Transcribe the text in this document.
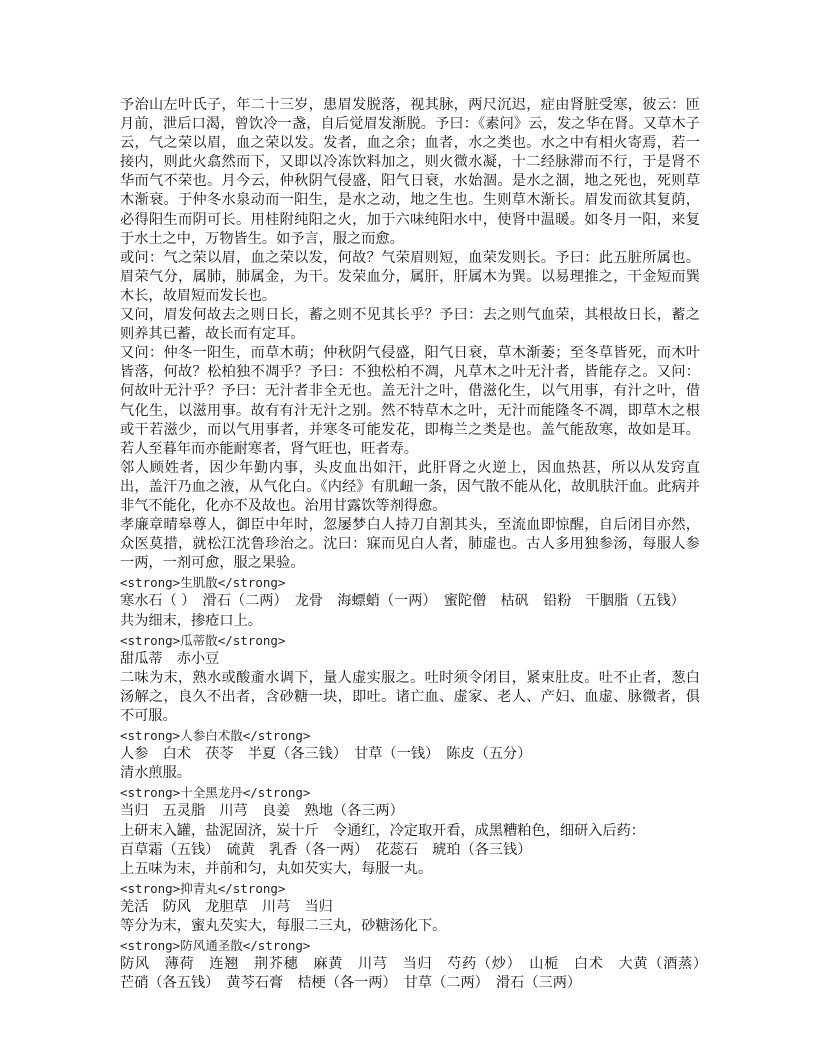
予治山左叶氏子，年二十三岁，患眉发脱落，视其脉，两尺沉迟，症由肾脏受寒，彼云：匝月前，泄后口渴，曾饮冷一盏，自后觉眉发渐脱。予曰：《素问》云，发之华在肾。又草木子云，气之荣以眉，血之荣以发。发者，血之余；血者，水之类也。水之中有相火寄焉，若一接内，则此火翕然而下，又即以冷冻饮料加之，则火微水凝，十二经脉滞而不行，于是肾不华而气不荣也。月今云，仲秋阴气侵盛，阳气日衰，水始涸。是水之涸，地之死也，死则草木渐衰。于仲冬水泉动而一阳生，是水之动，地之生也。生则草木渐长。眉发而欲其复荫，必得阳生而阴可长。用桂附纯阳之火，加于六味纯阳水中，使肾中温暖。如冬月一阳，来复于水土之中，万物皆生。如予言，服之而愈。

或问：气之荣以眉，血之荣以发，何故？气荣眉则短，血荣发则长。予曰：此五脏所属也。眉荣气分，属肺，肺属金，为干。发荣血分，属肝，肝属木为巽。以易理推之，干金短而巽木长，故眉短而发长也。

又问，眉发何故去之则日长，蓄之则不见其长乎？予曰：去之则气血荣，其根故日长，蓄之则养其已蓄，故长而有定耳。

又问：仲冬一阳生，而草木萌；仲秋阴气侵盛，阳气日衰，草木渐萎；至冬草皆死，而木叶皆落，何故？松柏独不凋乎？予曰：不独松柏不凋，凡草木之叶无汁者，皆能存之。又问：何故叶无汁乎？予曰：无汁者非全无也。盖无汁之叶，借滋化生，以气用事，有汁之叶，借气化生，以滋用事。故有有汁无汁之别。然不特草木之叶，无汁而能隆冬不凋，即草木之根或干若滋少，而以气用事者，并寒冬可能发花，即梅兰之类是也。盖气能敌寒，故如是耳。若人至暮年而亦能耐寒者，肾气旺也，旺者寿。

邻人顾姓者，因少年勤内事，头皮血出如汗，此肝肾之火逆上，因血热甚，所以从发窍直出，盖汗乃血之液，从气化白。《内经》有肌衄一条，因气散不能从化，故肌肤汗血。此病并非气不能化，化亦不及故也。治用甘露饮等剂得愈。

孝廉章晴皋尊人，御臣中年时，忽屡梦白人持刀自割其头，至流血即惊醒，自后闭目亦然，众医莫措，就松江沈鲁珍治之。沈曰：寐而见白人者，肺虚也。古人多用独参汤，每服人参一两，一剂可愈，服之果验。

<strong>生肌散</strong>

寒水石（ ）　滑石（二两）　龙骨　海螵蛸（一两）　蜜陀僧　枯矾　铅粉　干胭脂（五钱）

共为细末，掺疮口上。

<strong>瓜蒂散</strong>

甜瓜蒂　赤小豆

二味为末，熟水或酸齑水调下，量人虚实服之。吐时须令闭目，紧束肚皮。吐不止者，葱白汤解之，良久不出者，含砂糖一块，即吐。诸亡血、虚家、老人、产妇、血虚、脉微者，俱不可服。

<strong>人参白术散</strong>

人参　白术　茯苓　半夏（各三钱）　甘草（一钱）　陈皮（五分）

清水煎服。

<strong>十全黑龙丹</strong>

当归　五灵脂　川芎　良姜　熟地（各三两）

上研末入罐，盐泥固济，炭十斤　令通红，冷定取开看，成黑糟粕色，细研入后药：

百草霜（五钱）　硫黄　乳香（各一两）　花蕊石　琥珀（各三钱）

上五味为末，并前和匀，丸如芡实大，每服一丸。

<strong>抑青丸</strong>

羌活　防风　龙胆草　川芎　当归

等分为末，蜜丸芡实大，每服二三丸，砂糖汤化下。

<strong>防风通圣散</strong>

防风　薄荷　连翘　荆芥穗　麻黄　川芎　当归　芍药（炒）　山栀　白术　大黄（酒蒸）　芒硝（各五钱）　黄芩石膏　桔梗（各一两）　甘草（二两）　滑石（三两）
